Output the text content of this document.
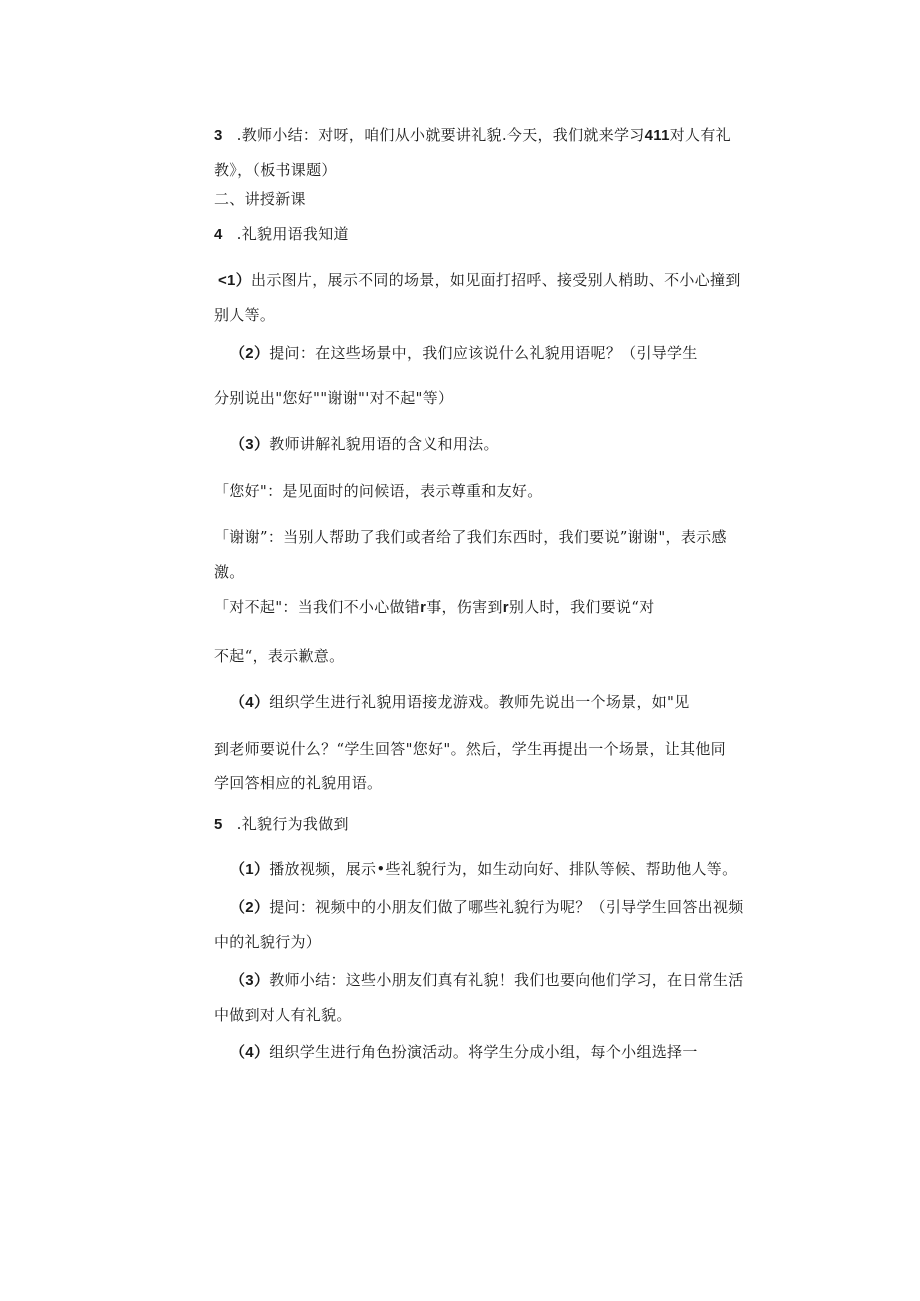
3 .教师小结：对呀，咱们从小就要讲礼貌.今天，我们就来学习411对人有礼
教》，（板书课题）
二、讲授新课
4 .礼貌用语我知道
<1）出示图片，展示不同的场景，如见面打招呼、接受别人梢助、不小心撞到
别人等。
（2）提问：在这些场景中，我们应该说什么礼貌用语呢？（引导学生
分别说出"您好""谢谢"'对不起"等）
（3）教师讲解礼貌用语的含义和用法。
「您好"：是见面时的问候语，表示尊重和友好。
「谢谢”：当别人帮助了我们或者给了我们东西时，我们要说”谢谢"，表示感
激。
「对不起"：当我们不小心做错r事，伤害到r别人时，我们要说“对
不起“，表示歉意。
（4）组织学生进行礼貌用语接龙游戏。教师先说出一个场景，如"见
到老师要说什么？“学生回答"您好"。然后，学生再提出一个场景，让其他同
学回答相应的礼貌用语。
5 .礼貌行为我做到
（1）播放视频，展示•些礼貌行为，如生动向好、排队等候、帮助他人等。
（2）提问：视频中的小朋友们做了哪些礼貌行为呢？（引导学生回答出视频
中的礼貌行为）
（3）教师小结：这些小朋友们真有礼貌！我们也要向他们学习，在日常生活
中做到对人有礼貌。
（4）组织学生进行角色扮演活动。将学生分成小组，每个小组选择一
